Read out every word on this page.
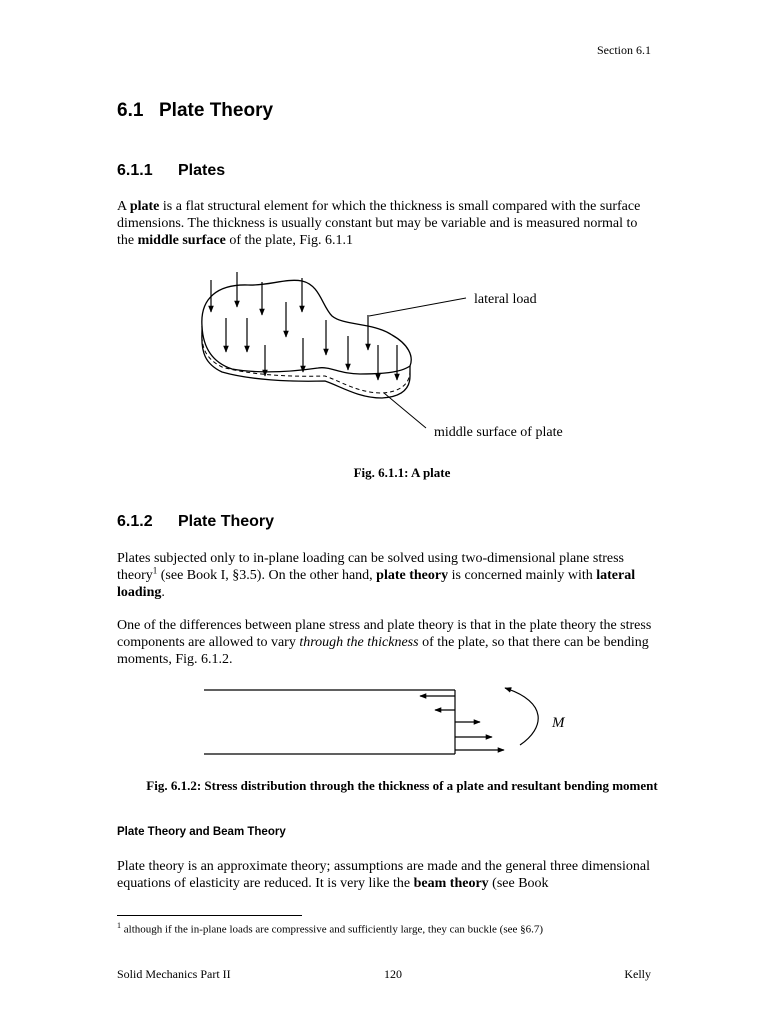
Section 6.1
6.1 Plate Theory
6.1.1 Plates

A plate is a flat structural element for which the thickness is small compared with the surface dimensions. The thickness is usually constant but may be variable and is measured normal to the middle surface of the plate, Fig. 6.1.1

lateral load
middle surface of plate
Fig. 6.1.1: A plate
6.1.2 Plate Theory

Plates subjected only to in-plane loading can be solved using two-dimensional plane stress theory$^1$ (see Book I, §3.5). On the other hand, plate theory is concerned mainly with lateral loading.

One of the differences between plane stress and plate theory is that in the plate theory the stress components are allowed to vary through the thickness of the plate, so that there can be bending moments, Fig. 6.1.2.

M
Fig. 6.1.2: Stress distribution through the thickness of a plate and resultant bending moment
Plate Theory and Beam Theory

Plate theory is an approximate theory; assumptions are made and the general three dimensional equations of elasticity are reduced. It is very like the beam theory (see Book

$^1$ although if the in-plane loads are compressive and sufficiently large, they can buckle (see §6.7)
Solid Mechanics Part II	120	Kelly
